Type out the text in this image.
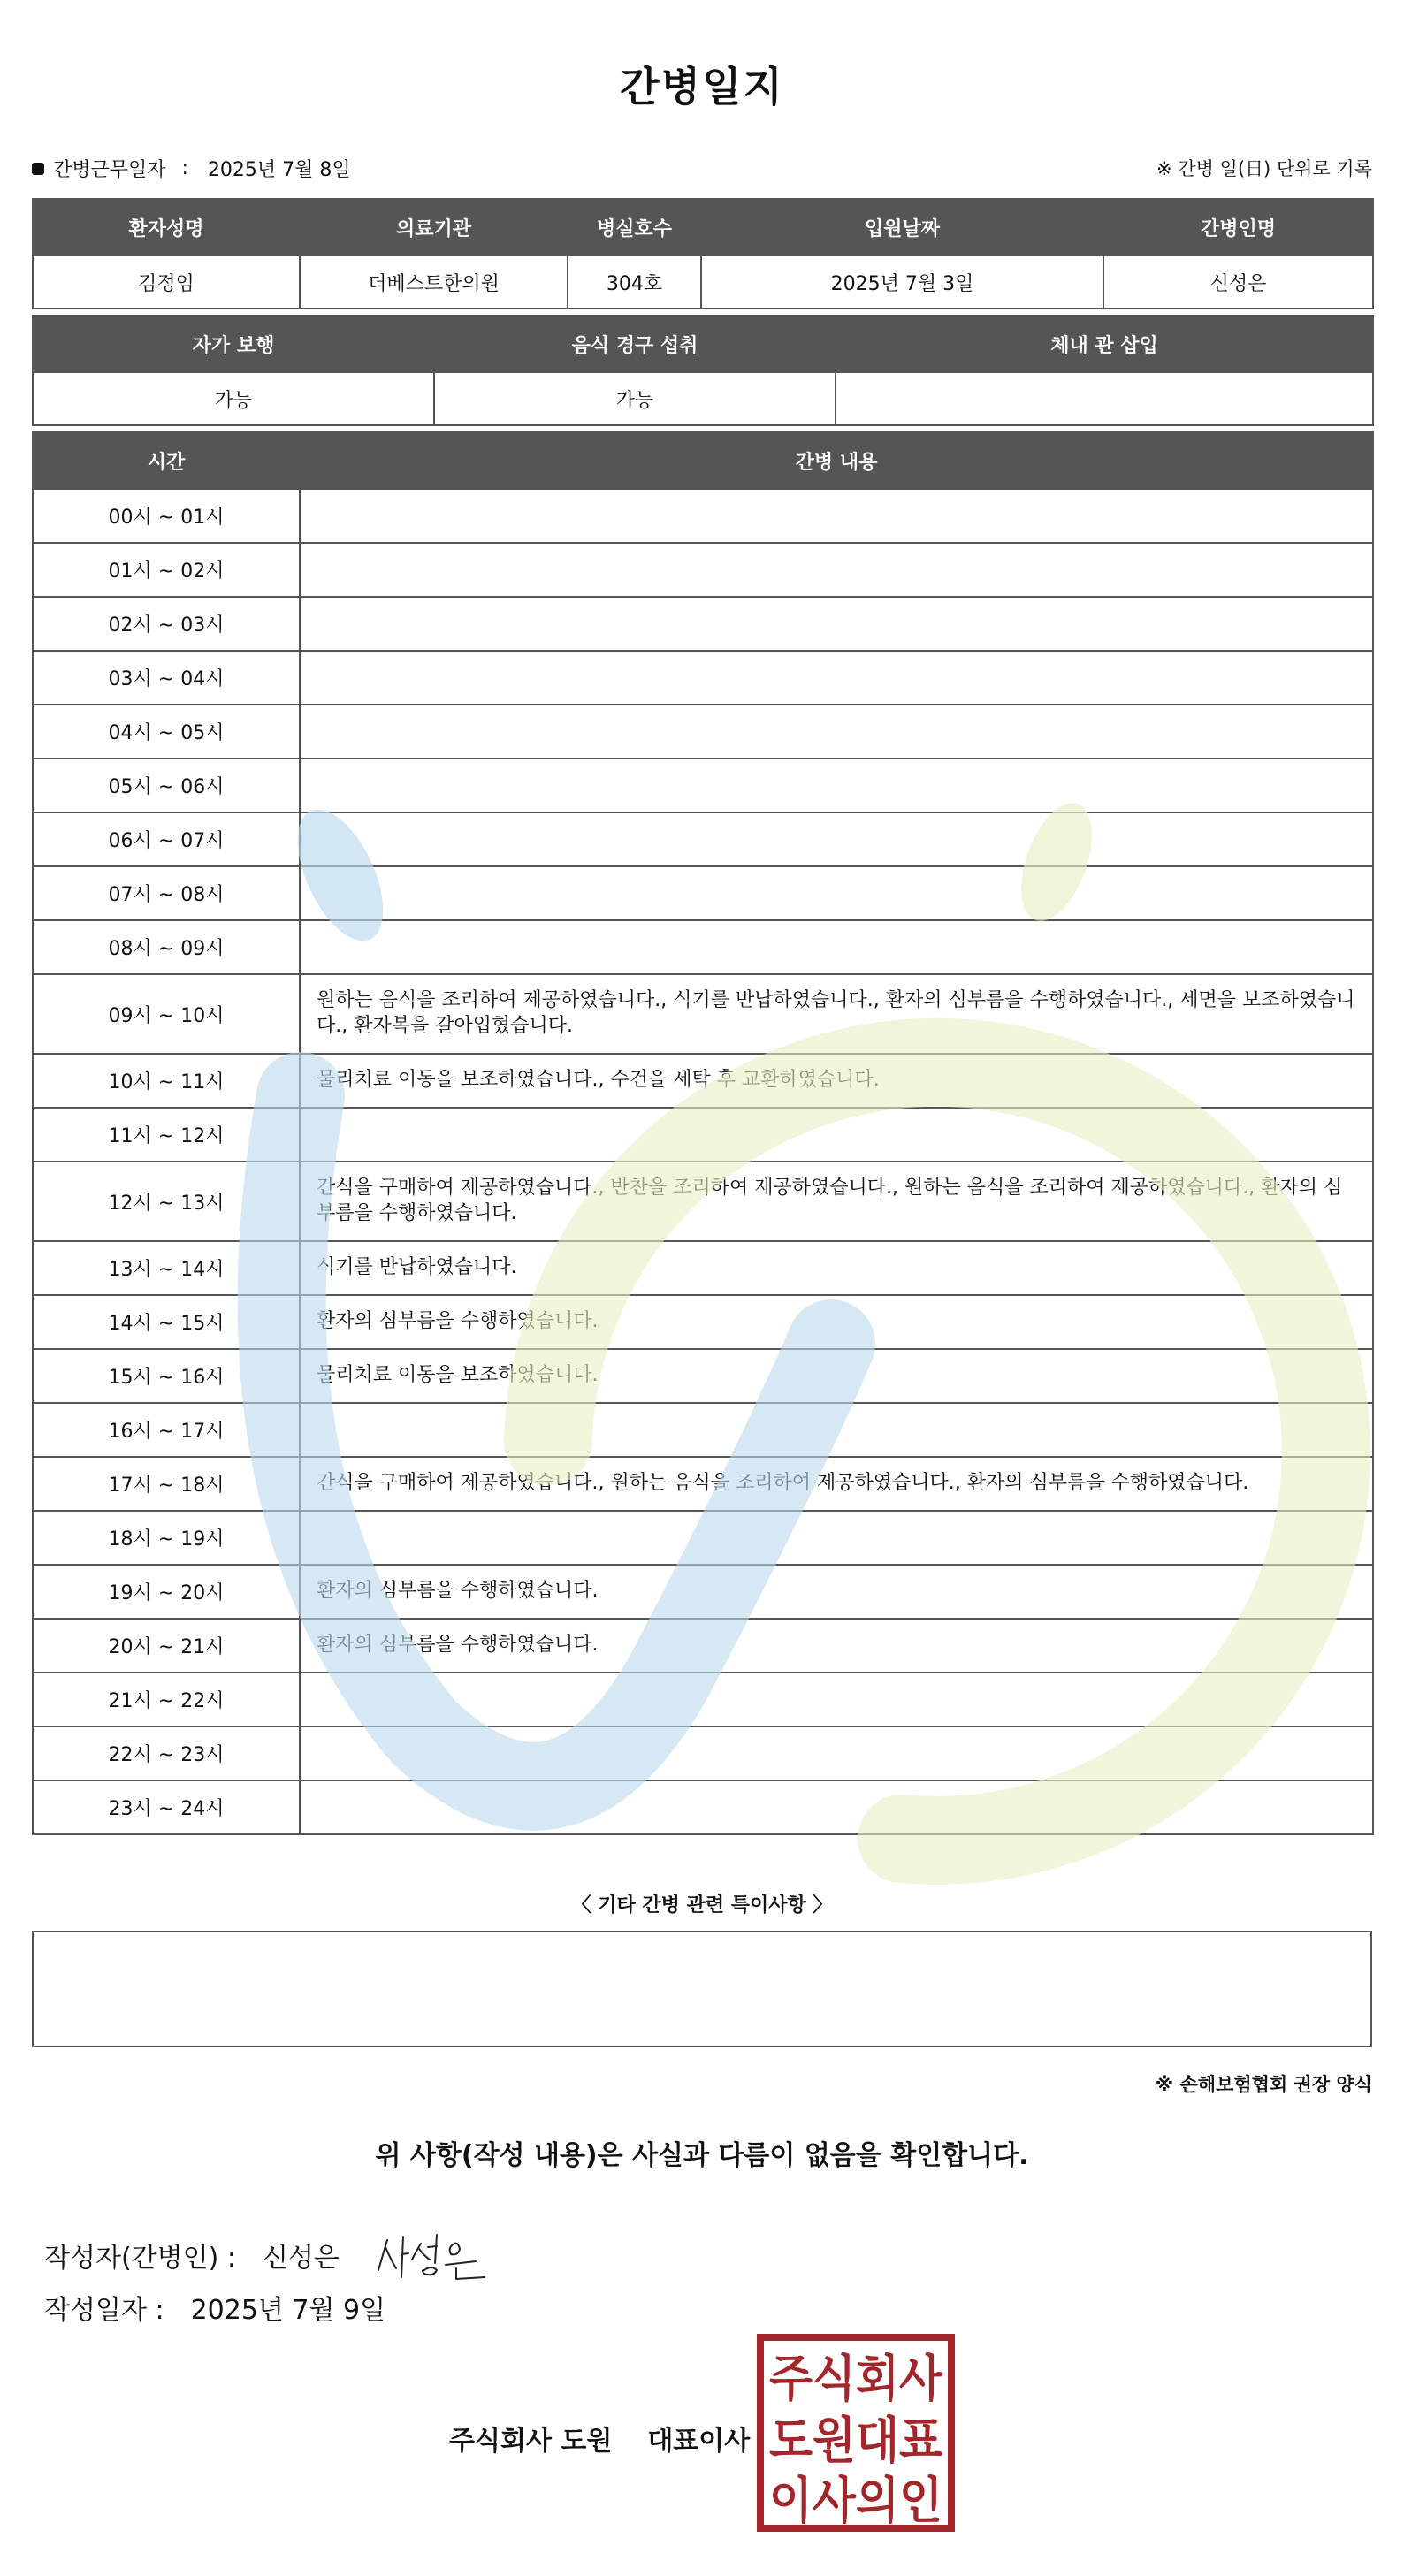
간병일지
간병근무일자 : 2025년 7월 8일	※ 간병 일(日) 단위로 기록
환자성명	의료기관	병실호수	입원날짜	간병인명
김정임	더베스트한의원	304호	2025년 7월 3일	신성은
자가 보행	음식 경구 섭취	체내 관 삽입
가능	가능	
시간	간병 내용
00시 ~ 01시	
01시 ~ 02시	
02시 ~ 03시	
03시 ~ 04시	
04시 ~ 05시	
05시 ~ 06시	
06시 ~ 07시	
07시 ~ 08시	
08시 ~ 09시	
09시 ~ 10시	원하는 음식을 조리하여 제공하였습니다., 식기를 반납하였습니다., 환자의 심부름을 수행하였습니다., 세면을 보조하였습니다., 환자복을 갈아입혔습니다.
10시 ~ 11시	물리치료 이동을 보조하였습니다., 수건을 세탁 후 교환하였습니다.
11시 ~ 12시	
12시 ~ 13시	간식을 구매하여 제공하였습니다., 반찬을 조리하여 제공하였습니다., 원하는 음식을 조리하여 제공하였습니다., 환자의 심부름을 수행하였습니다.
13시 ~ 14시	식기를 반납하였습니다.
14시 ~ 15시	환자의 심부름을 수행하였습니다.
15시 ~ 16시	물리치료 이동을 보조하였습니다.
16시 ~ 17시	
17시 ~ 18시	간식을 구매하여 제공하였습니다., 원하는 음식을 조리하여 제공하였습니다., 환자의 심부름을 수행하였습니다.
18시 ~ 19시	
19시 ~ 20시	환자의 심부름을 수행하였습니다.
20시 ~ 21시	환자의 심부름을 수행하였습니다.
21시 ~ 22시	
22시 ~ 23시	
23시 ~ 24시	
〈 기타 간병 관련 특이사항 〉
※ 손해보험협회 권장 양식
위 사항(작성 내용)은 사실과 다름이 없음을 확인합니다.
작성자(간병인) : 신성은
작성일자 : 2025년 7월 9일
주식회사 도원 대표이사
주식회사
도원대표
이사의인
